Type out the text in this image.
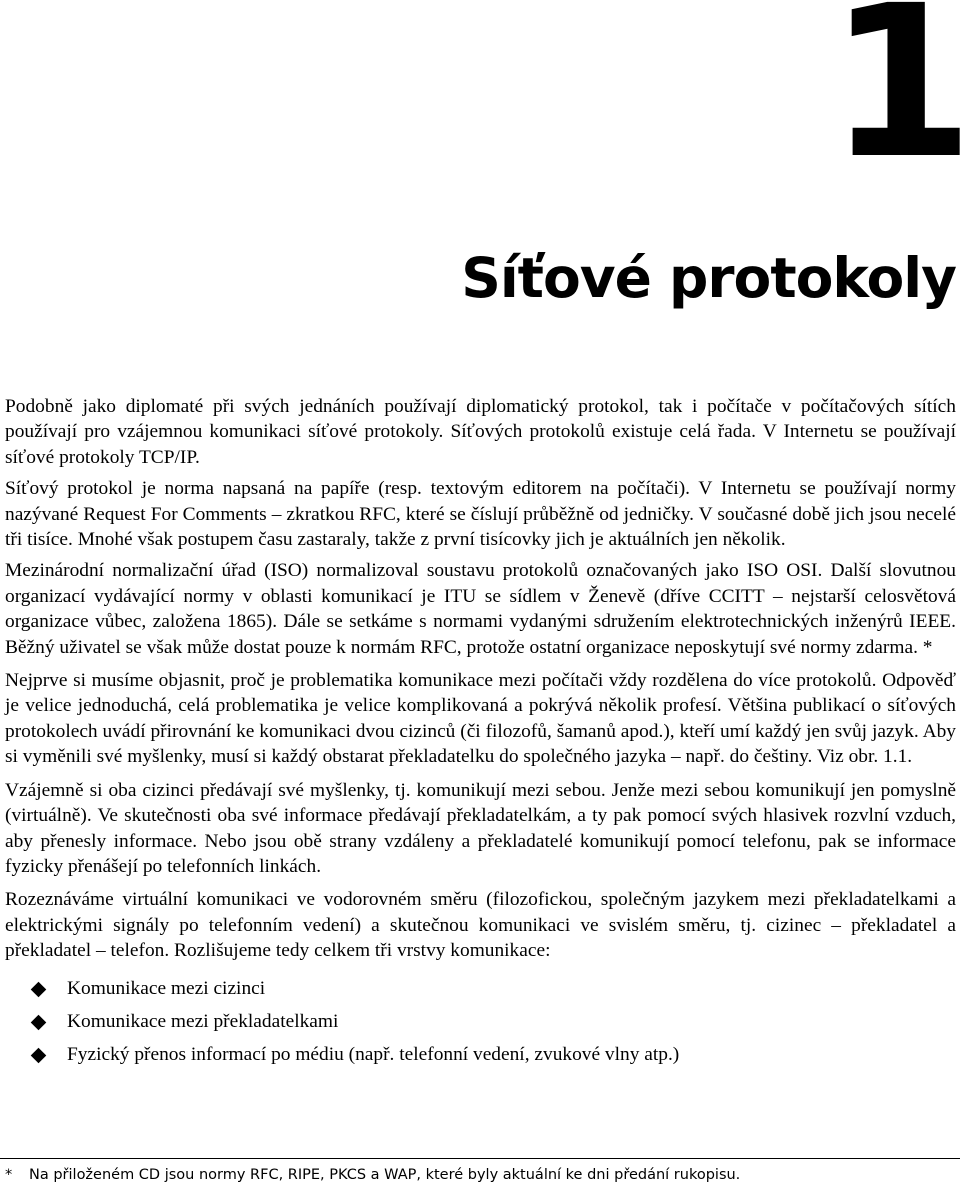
1
Síťové protokoly

Podobně jako diplomaté při svých jednáních používají diplomatický protokol, tak i počítače v počítačových sítích používají pro vzájemnou komunikaci síťové protokoly. Síťových protokolů existuje celá řada. V Internetu se používají síťové protokoly TCP/IP.

Síťový protokol je norma napsaná na papíře (resp. textovým editorem na počítači). V Internetu se používají normy nazývané Request For Comments – zkratkou RFC, které se číslují průběžně od jedničky. V současné době jich jsou necelé tři tisíce. Mnohé však postupem času zastaraly, takže z první tisícovky jich je aktuálních jen několik.

Mezinárodní normalizační úřad (ISO) normalizoval soustavu protokolů označovaných jako ISO OSI. Další slovutnou organizací vydávající normy v oblasti komunikací je ITU se sídlem v Ženevě (dříve CCITT – nejstarší celosvětová organizace vůbec, založena 1865). Dále se setkáme s normami vydanými sdružením elektrotechnických inženýrů IEEE. Běžný uživatel se však může dostat pouze k normám RFC, protože ostatní organizace neposkytují své normy zdarma. *

Nejprve si musíme objasnit, proč je problematika komunikace mezi počítači vždy rozdělena do více protokolů. Odpověď je velice jednoduchá, celá problematika je velice komplikovaná a pokrývá několik profesí. Většina publikací o síťových protokolech uvádí přirovnání ke komunikaci dvou cizinců (či filozofů, šamanů apod.), kteří umí každý jen svůj jazyk. Aby si vyměnili své myšlenky, musí si každý obstarat překladatelku do společného jazyka – např. do češtiny. Viz obr. 1.1.

Vzájemně si oba cizinci předávají své myšlenky, tj. komunikují mezi sebou. Jenže mezi sebou komunikují jen pomyslně (virtuálně). Ve skutečnosti oba své informace předávají překladatelkám, a ty pak pomocí svých hlasivek rozvlní vzduch, aby přenesly informace. Nebo jsou obě strany vzdáleny a překladatelé komunikují pomocí telefonu, pak se informace fyzicky přenášejí po telefonních linkách.

Rozeznáváme virtuální komunikaci ve vodorovném směru (filozofickou, společným jazykem mezi překladatelkami a elektrickými signály po telefonním vedení) a skutečnou komunikaci ve svislém směru, tj. cizinec – překladatel a překladatel – telefon. Rozlišujeme tedy celkem tři vrstvy komunikace:

Komunikace mezi cizinci
Komunikace mezi překladatelkami
Fyzický přenos informací po médiu (např. telefonní vedení, zvukové vlny atp.)
* Na přiloženém CD jsou normy RFC, RIPE, PKCS a WAP, které byly aktuální ke dni předání rukopisu.
